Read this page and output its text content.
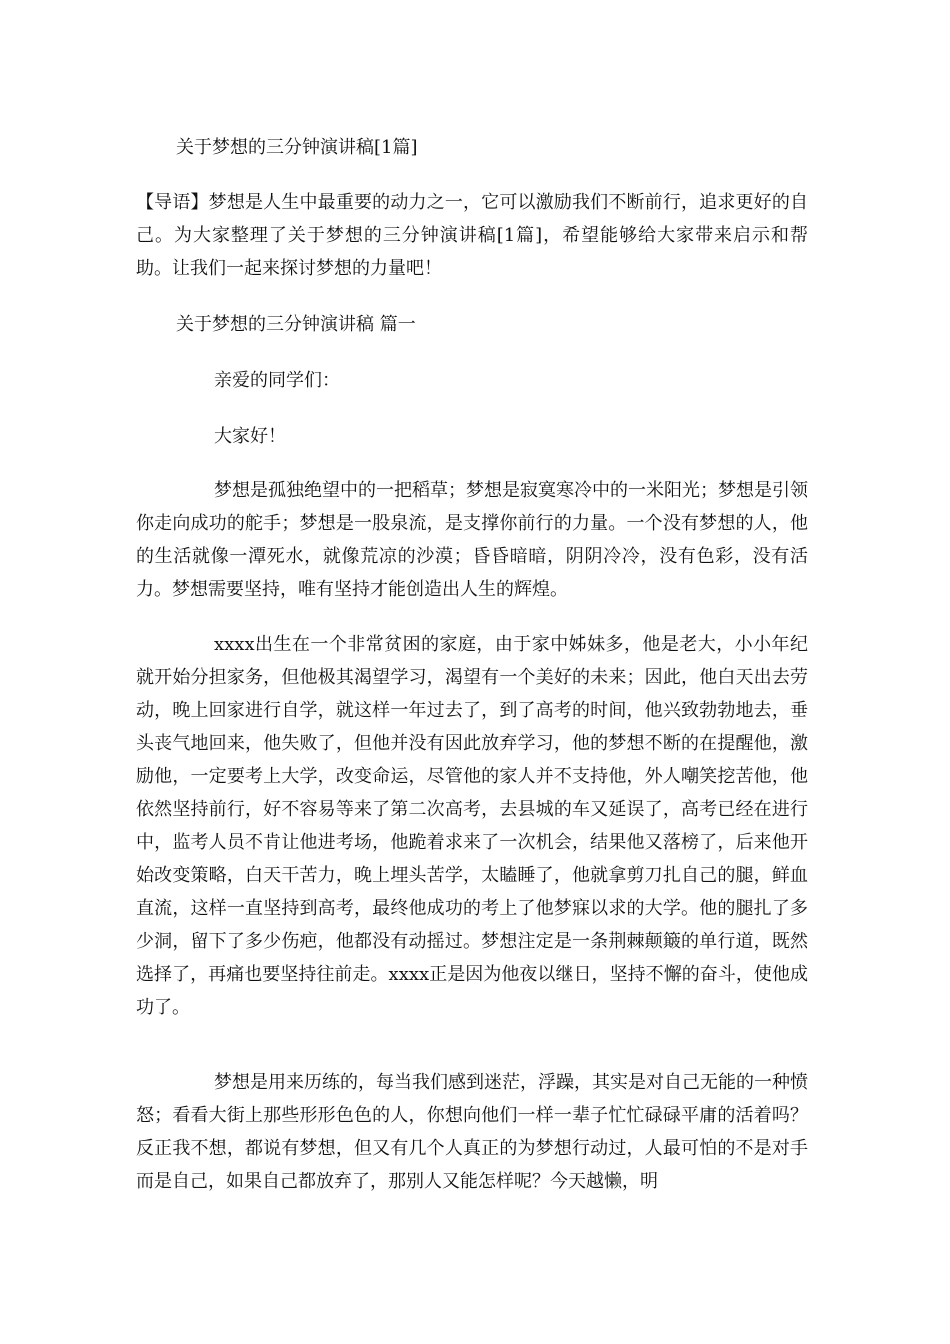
关于梦想的三分钟演讲稿[1篇]

【导语】梦想是人生中最重要的动力之一，它可以激励我们不断前行，追求更好的自己。为大家整理了关于梦想的三分钟演讲稿[1篇]，希望能够给大家带来启示和帮助。让我们一起来探讨梦想的力量吧！

关于梦想的三分钟演讲稿 篇一

亲爱的同学们：

大家好！

梦想是孤独绝望中的一把稻草；梦想是寂寞寒冷中的一米阳光；梦想是引领你走向成功的舵手；梦想是一股泉流，是支撑你前行的力量。一个没有梦想的人，他的生活就像一潭死水，就像荒凉的沙漠；昏昏暗暗，阴阴冷冷，没有色彩，没有活力。梦想需要坚持，唯有坚持才能创造出人生的辉煌。

xxxx出生在一个非常贫困的家庭，由于家中姊妹多，他是老大，小小年纪就开始分担家务，但他极其渴望学习，渴望有一个美好的未来；因此，他白天出去劳动，晚上回家进行自学，就这样一年过去了，到了高考的时间，他兴致勃勃地去，垂头丧气地回来，他失败了，但他并没有因此放弃学习，他的梦想不断的在提醒他，激励他，一定要考上大学，改变命运，尽管他的家人并不支持他，外人嘲笑挖苦他，他依然坚持前行，好不容易等来了第二次高考，去县城的车又延误了，高考已经在进行中，监考人员不肯让他进考场，他跪着求来了一次机会，结果他又落榜了，后来他开始改变策略，白天干苦力，晚上埋头苦学，太瞌睡了，他就拿剪刀扎自己的腿，鲜血直流，这样一直坚持到高考，最终他成功的考上了他梦寐以求的大学。他的腿扎了多少洞，留下了多少伤疤，他都没有动摇过。梦想注定是一条荆棘颠簸的单行道，既然选择了，再痛也要坚持往前走。xxxx正是因为他夜以继日，坚持不懈的奋斗，使他成功了。

梦想是用来历练的，每当我们感到迷茫，浮躁，其实是对自己无能的一种愤怒；看看大街上那些形形色色的人，你想向他们一样一辈子忙忙碌碌平庸的活着吗？反正我不想，都说有梦想，但又有几个人真正的为梦想行动过，人最可怕的不是对手而是自己，如果自己都放弃了，那别人又能怎样呢？今天越懒，明
